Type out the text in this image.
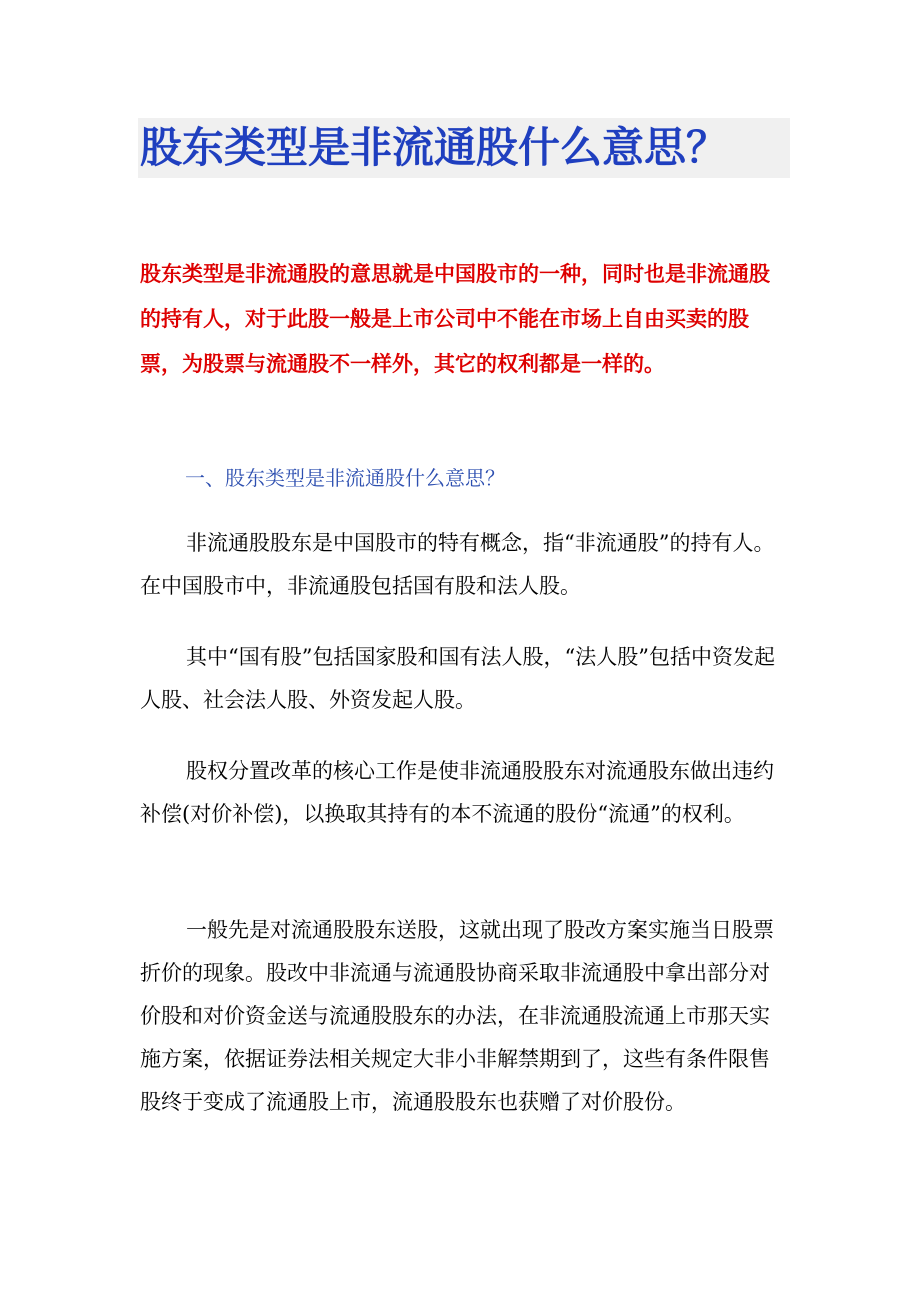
股东类型是非流通股什么意思？

股东类型是非流通股的意思就是中国股市的一种，同时也是非流通股的持有人，对于此股一般是上市公司中不能在市场上自由买卖的股票，为股票与流通股不一样外，其它的权利都是一样的。

一、股东类型是非流通股什么意思？

非流通股股东是中国股市的特有概念，指“非流通股”的持有人。在中国股市中，非流通股包括国有股和法人股。

其中“国有股”包括国家股和国有法人股，“法人股”包括中资发起人股、社会法人股、外资发起人股。

股权分置改革的核心工作是使非流通股股东对流通股东做出违约补偿(对价补偿)，以换取其持有的本不流通的股份“流通”的权利。

一般先是对流通股股东送股，这就出现了股改方案实施当日股票折价的现象。股改中非流通与流通股协商采取非流通股中拿出部分对价股和对价资金送与流通股股东的办法，在非流通股流通上市那天实施方案，依据证券法相关规定大非小非解禁期到了，这些有条件限售股终于变成了流通股上市，流通股股东也获赠了对价股份。
